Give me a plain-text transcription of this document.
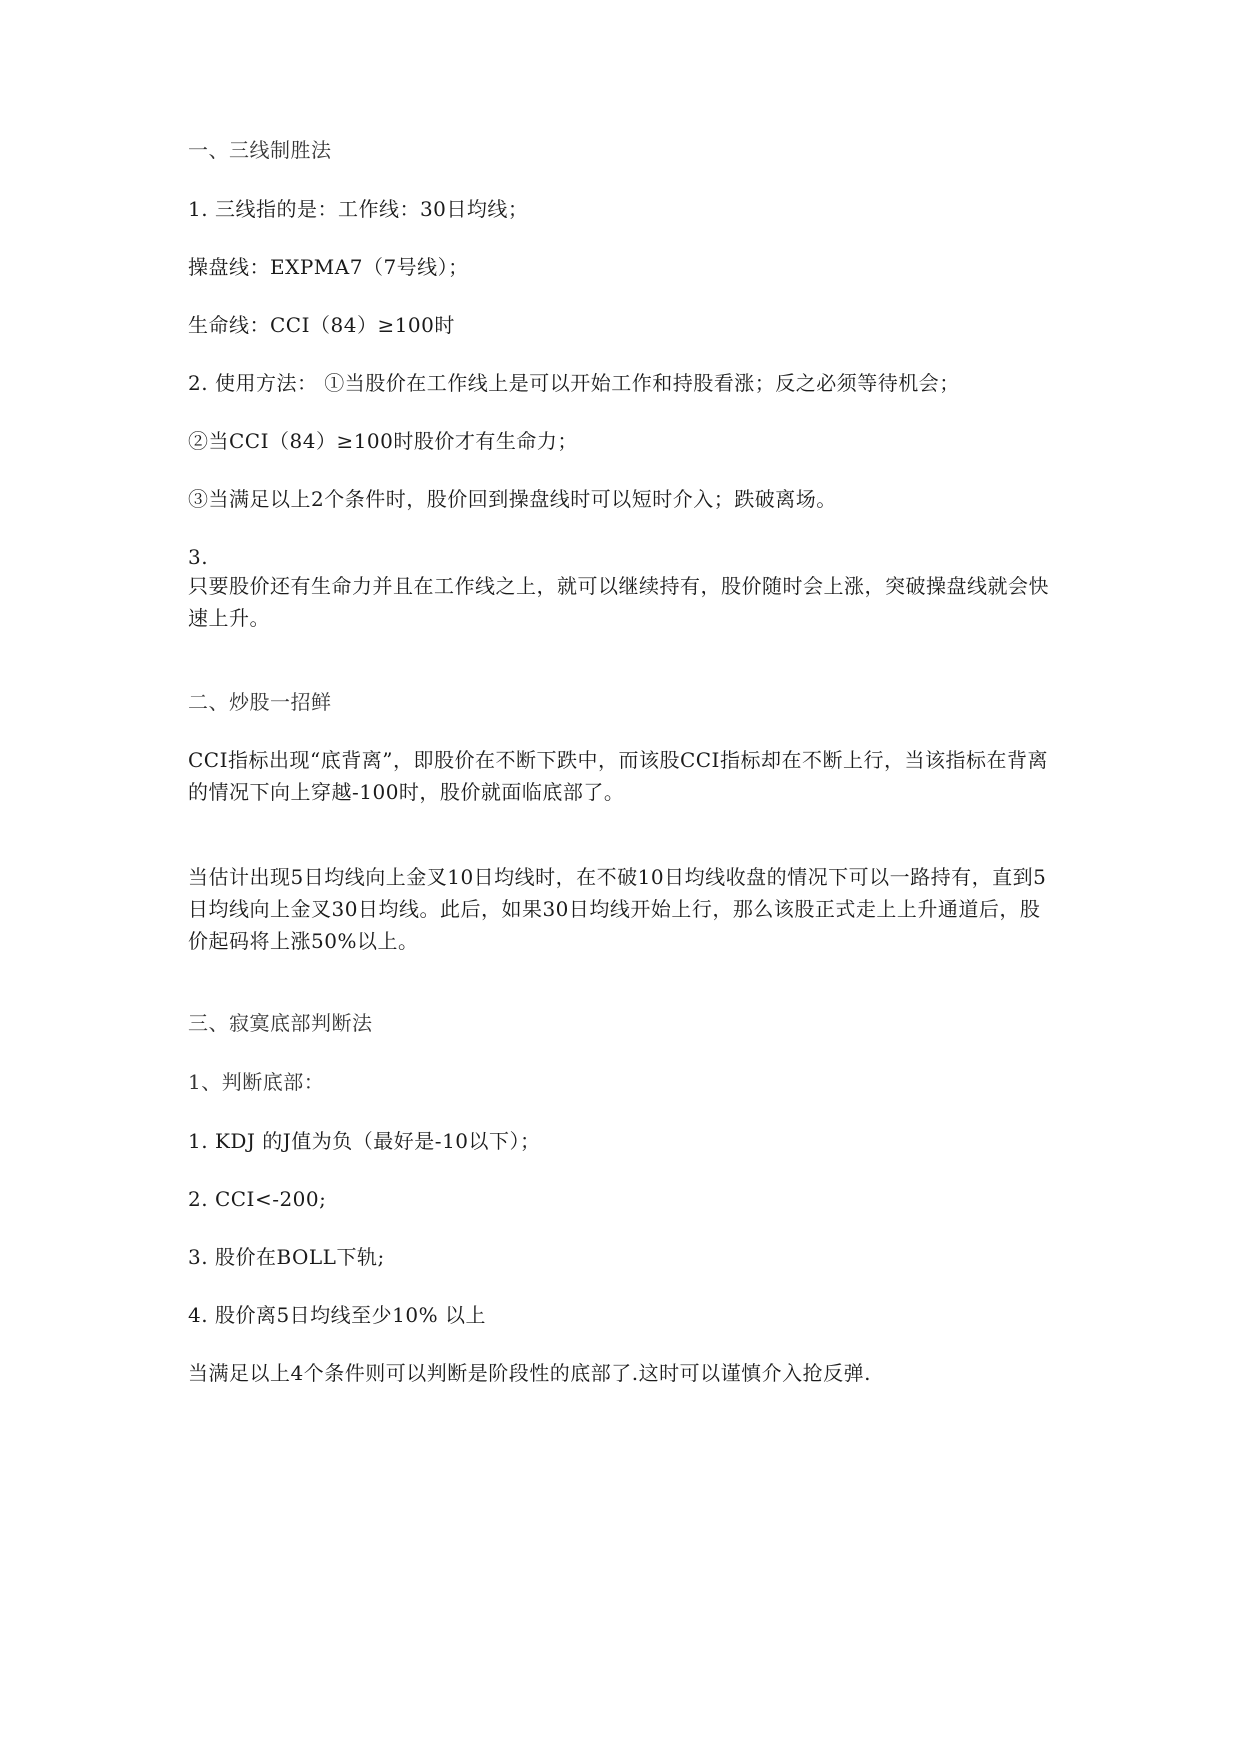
一、三线制胜法

1. 三线指的是：工作线：30日均线；

操盘线：EXPMA7（7号线）；

生命线：CCI（84）≥100时

2. 使用方法： ①当股价在工作线上是可以开始工作和持股看涨；反之必须等待机会；

②当CCI（84）≥100时股价才有生命力；

③当满足以上2个条件时，股价回到操盘线时可以短时介入；跌破离场。

3.

只要股价还有生命力并且在工作线之上，就可以继续持有，股价随时会上涨，突破操盘线就会快速上升。

二、炒股一招鲜

CCI指标出现“底背离”，即股价在不断下跌中，而该股CCI指标却在不断上行，当该指标在背离的情况下向上穿越-100时，股价就面临底部了。

当估计出现5日均线向上金叉10日均线时，在不破10日均线收盘的情况下可以一路持有，直到5日均线向上金叉30日均线。此后，如果30日均线开始上行，那么该股正式走上上升通道后，股价起码将上涨50%以上。

三、寂寞底部判断法

1、判断底部：

1. KDJ 的J值为负（最好是-10以下）；

2. CCI<-200;

3. 股价在BOLL下轨;

4. 股价离5日均线至少10% 以上

当满足以上4个条件则可以判断是阶段性的底部了.这时可以谨慎介入抢反弹.
